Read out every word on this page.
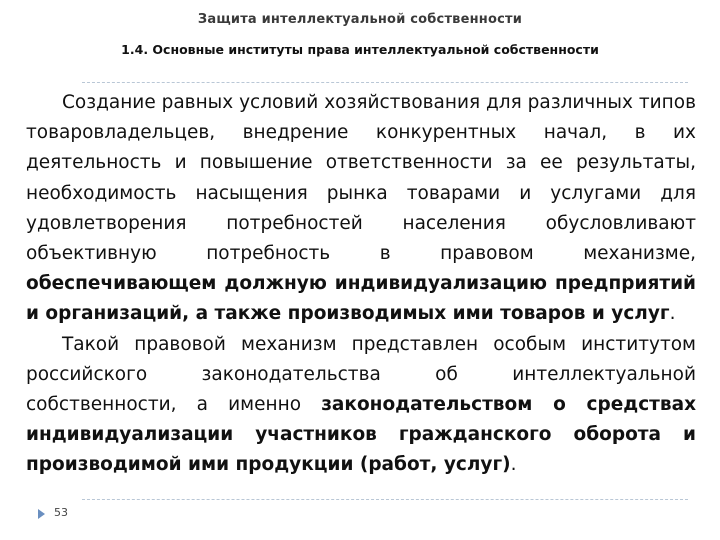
Защита интеллектуальной собственности
1.4. Основные институты права интеллектуальной собственности

Создание равных условий хозяйствования для различных типов товаровладельцев, внедрение конкурентных начал, в их деятельность и повышение ответственности за ее результаты, необходимость насыщения рынка товарами и услугами для удовлетворения потребностей населения обусловливают объективную потребность в правовом механизме, обеспечивающем должную индивидуализацию предприятий и организаций, а также производимых ими товаров и услуг.

Такой правовой механизм представлен особым институтом российского законодательства об интеллектуальной собственности, а именно законодательством о средствах индивидуализации участников гражданского оборота и производимой ими продукции (работ, услуг).

53
